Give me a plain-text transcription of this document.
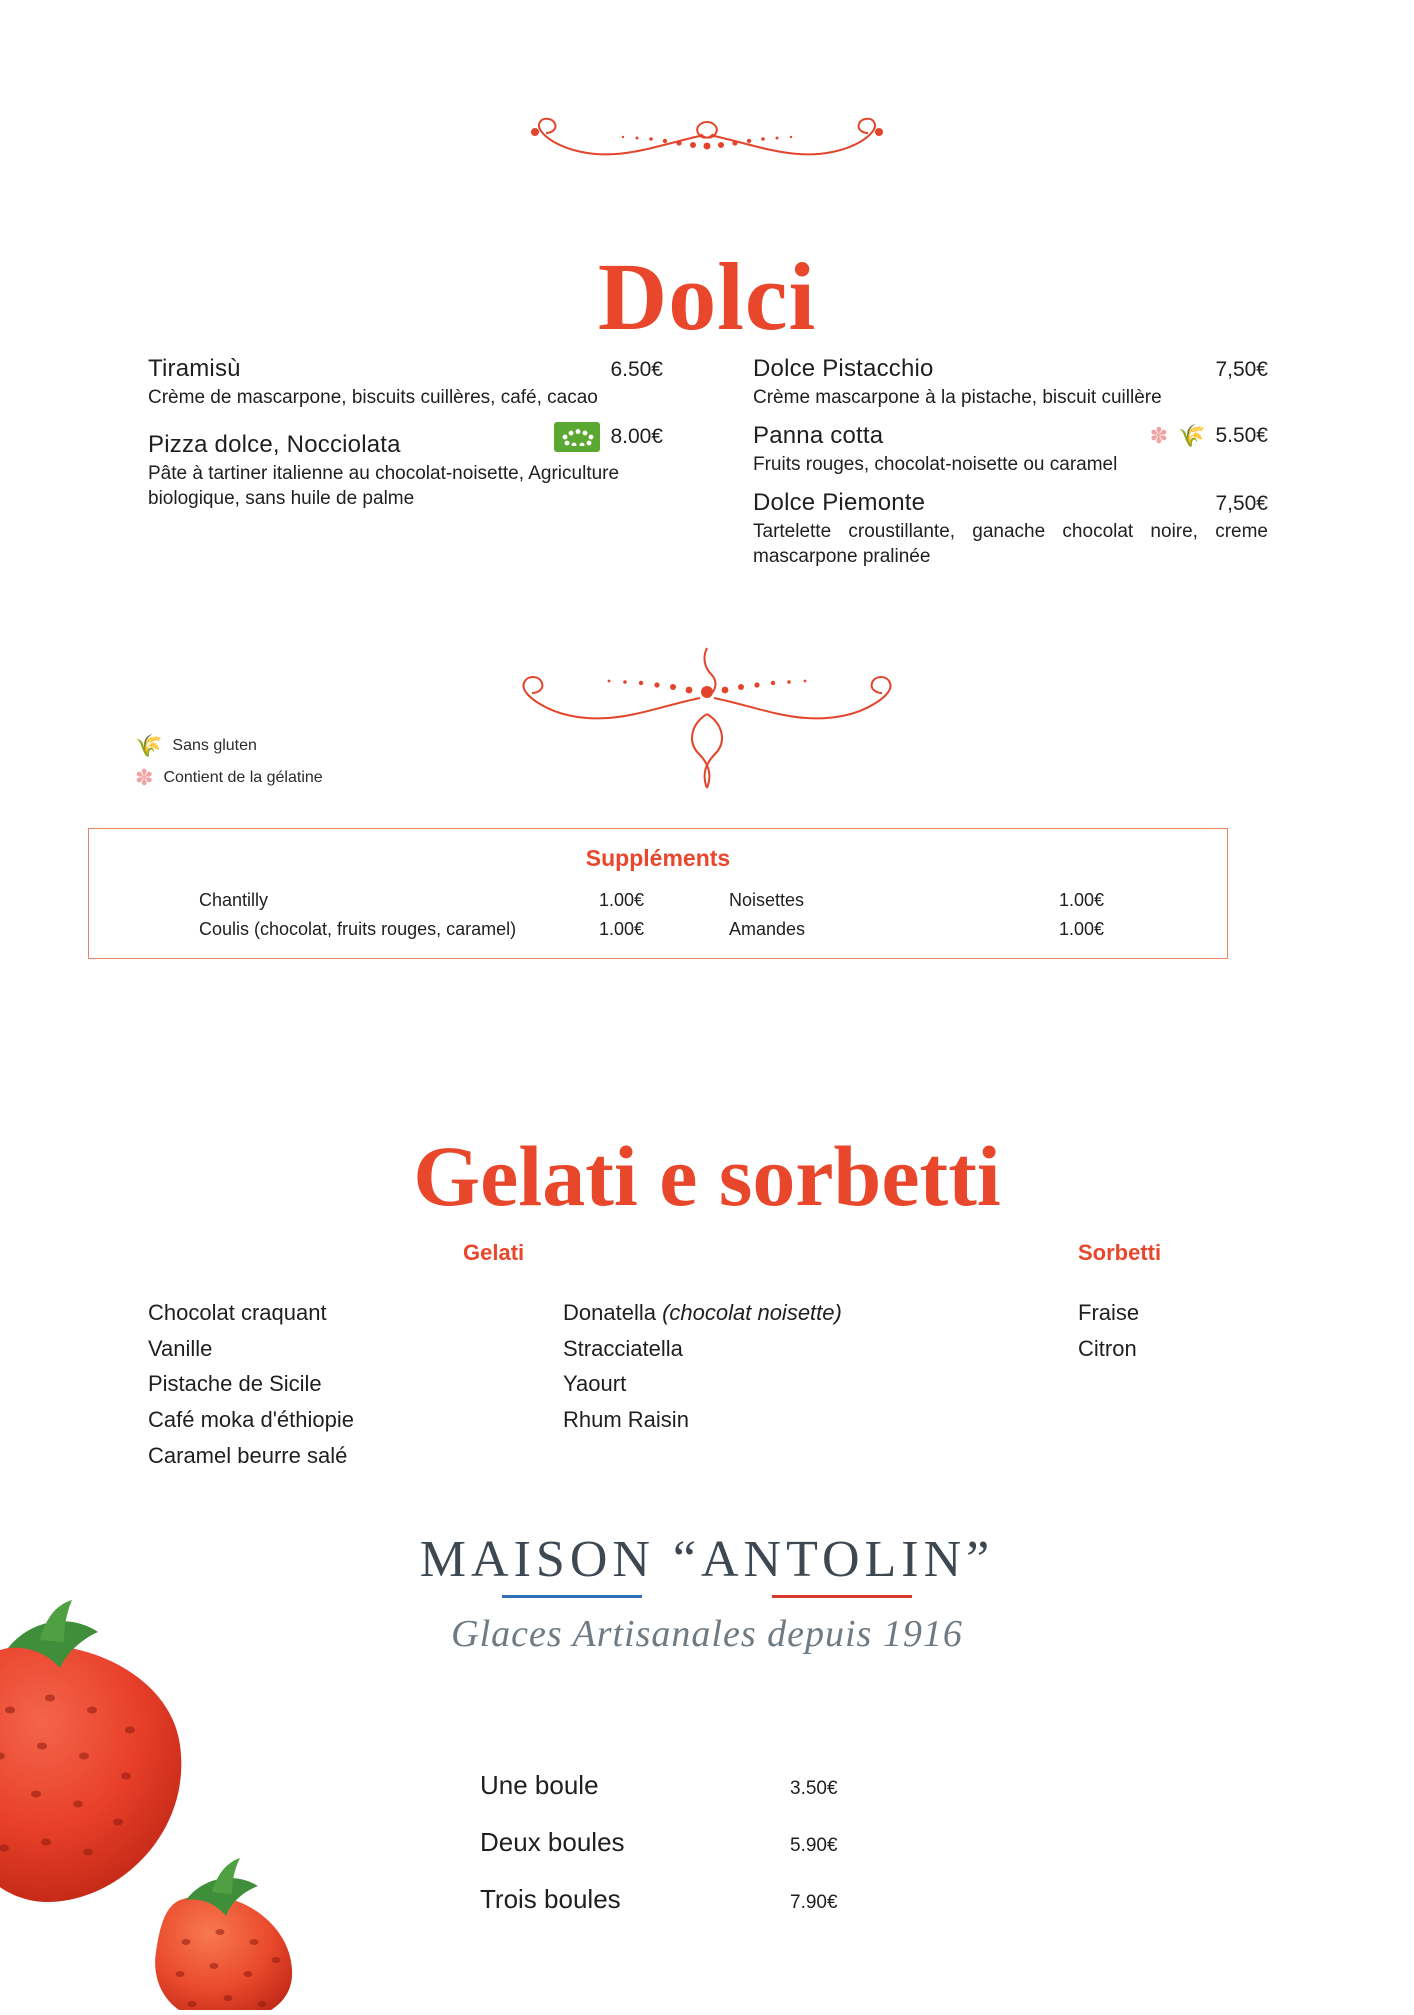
Dolci
Tiramisù	6.50€
Crème de mascarpone, biscuits cuillères, café, cacao
Pizza dolce, Nocciolata	8.00€
Pâte à tartiner italienne au chocolat-noisette, Agriculture biologique, sans huile de palme
Dolce Pistacchio	7,50€
Crème mascarpone à la pistache, biscuit cuillère
Panna cotta	✽ 🌾 5.50€
Fruits rouges, chocolat-noisette ou caramel
Dolce Piemonte	7,50€
Tartelette croustillante, ganache chocolat noire, creme mascarpone pralinée
🌾 Sans gluten
✽ Contient de la gélatine
Suppléments
Chantilly	1.00€	Noisettes	1.00€
Coulis (chocolat, fruits rouges, caramel)	1.00€	Amandes	1.00€
Gelati e sorbetti
Gelati	Sorbetti
Chocolat craquant
Vanille
Pistache de Sicile
Café moka d'éthiopie
Caramel beurre salé
Donatella (chocolat noisette)
Stracciatella
Yaourt
Rhum Raisin
Fraise
Citron
MAISON “ANTOLIN”
Glaces Artisanales depuis 1916
Une boule	3.50€
Deux boules	5.90€
Trois boules	7.90€
